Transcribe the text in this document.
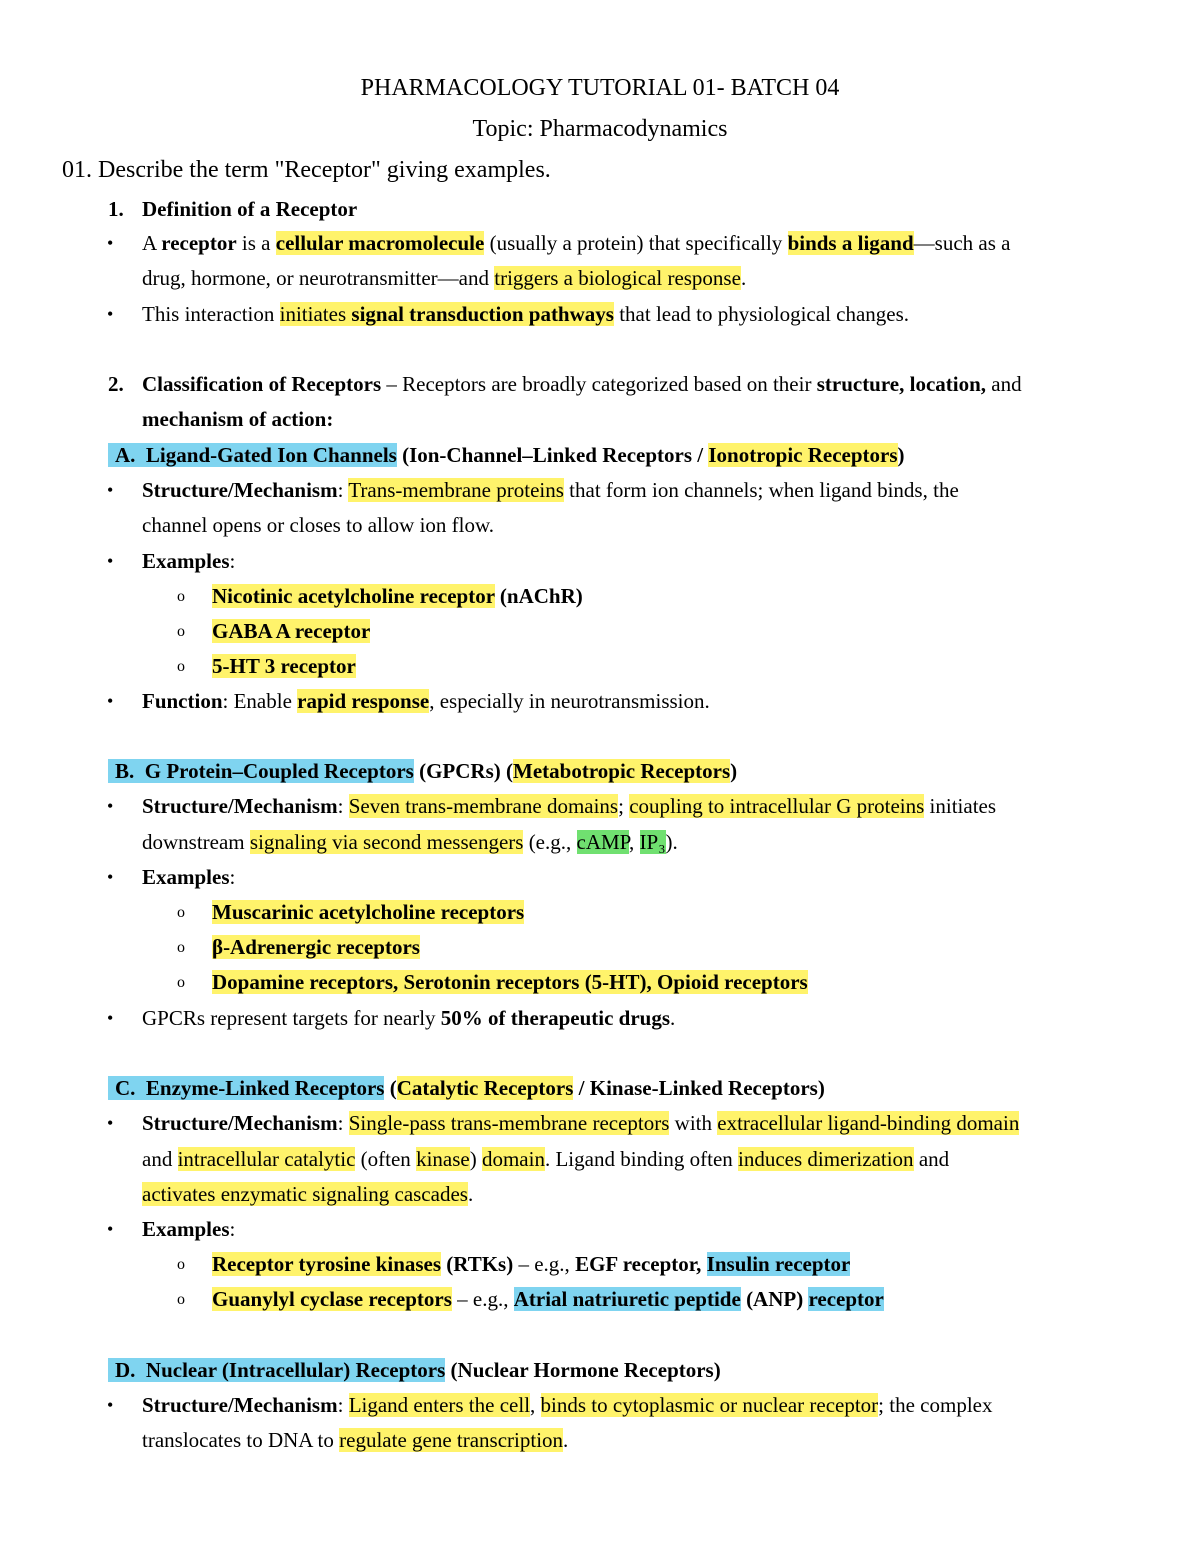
PHARMACOLOGY TUTORIAL 01- BATCH 04
Topic: Pharmacodynamics
01. Describe the term "Receptor" giving examples.
1. Definition of a Receptor
• A receptor is a cellular macromolecule (usually a protein) that specifically binds a ligand—such as a
drug, hormone, or neurotransmitter—and triggers a biological response.
• This interaction initiates signal transduction pathways that lead to physiological changes.
2. Classification of Receptors – Receptors are broadly categorized based on their structure, location, and
mechanism of action:
A. Ligand-Gated Ion Channels (Ion-Channel–Linked Receptors / Ionotropic Receptors)
• Structure/Mechanism: Trans-membrane proteins that form ion channels; when ligand binds, the
channel opens or closes to allow ion flow.
• Examples:
o Nicotinic acetylcholine receptor (nAChR)
o GABA A receptor
o 5-HT 3 receptor
• Function: Enable rapid response, especially in neurotransmission.
B. G Protein–Coupled Receptors (GPCRs) (Metabotropic Receptors)
• Structure/Mechanism: Seven trans-membrane domains; coupling to intracellular G proteins initiates
downstream signaling via second messengers (e.g., cAMP, IP₃).
• Examples:
o Muscarinic acetylcholine receptors
o β-Adrenergic receptors
o Dopamine receptors, Serotonin receptors (5-HT), Opioid receptors
• GPCRs represent targets for nearly 50% of therapeutic drugs.
C. Enzyme-Linked Receptors (Catalytic Receptors / Kinase-Linked Receptors)
• Structure/Mechanism: Single-pass trans-membrane receptors with extracellular ligand-binding domain
and intracellular catalytic (often kinase) domain. Ligand binding often induces dimerization and
activates enzymatic signaling cascades.
• Examples:
o Receptor tyrosine kinases (RTKs) – e.g., EGF receptor, Insulin receptor
o Guanylyl cyclase receptors – e.g., Atrial natriuretic peptide (ANP) receptor
D. Nuclear (Intracellular) Receptors (Nuclear Hormone Receptors)
• Structure/Mechanism: Ligand enters the cell, binds to cytoplasmic or nuclear receptor; the complex
translocates to DNA to regulate gene transcription.
